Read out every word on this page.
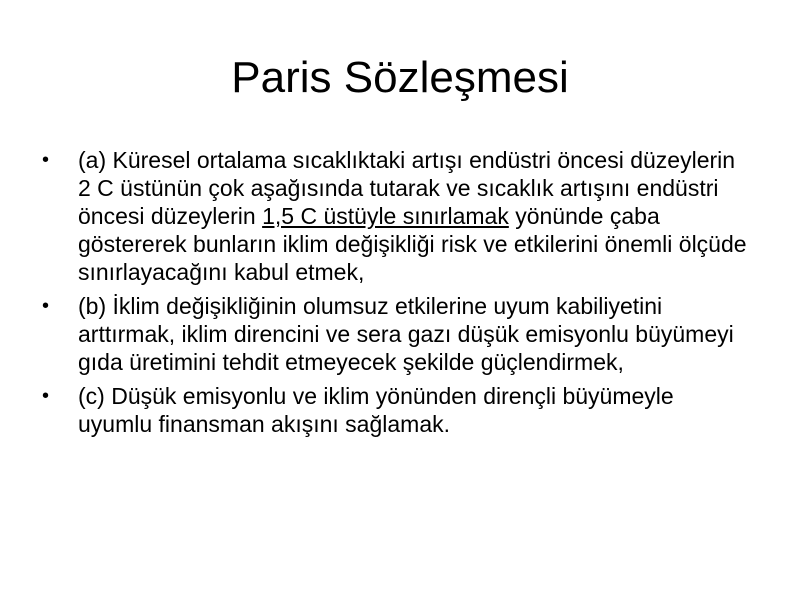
Paris Sözleşmesi
• (a) Küresel ortalama sıcaklıktaki artışı endüstri öncesi düzeylerin 2 C üstünün çok aşağısında tutarak ve sıcaklık artışını endüstri öncesi düzeylerin 1,5 C üstüyle sınırlamak yönünde çaba göstererek bunların iklim değişikliği risk ve etkilerini önemli ölçüde sınırlayacağını kabul etmek,
• (b) İklim değişikliğinin olumsuz etkilerine uyum kabiliyetini arttırmak, iklim direncini ve sera gazı düşük emisyonlu büyümeyi gıda üretimini tehdit etmeyecek şekilde güçlendirmek,
• (c) Düşük emisyonlu ve iklim yönünden dirençli büyümeyle uyumlu finansman akışını sağlamak.
